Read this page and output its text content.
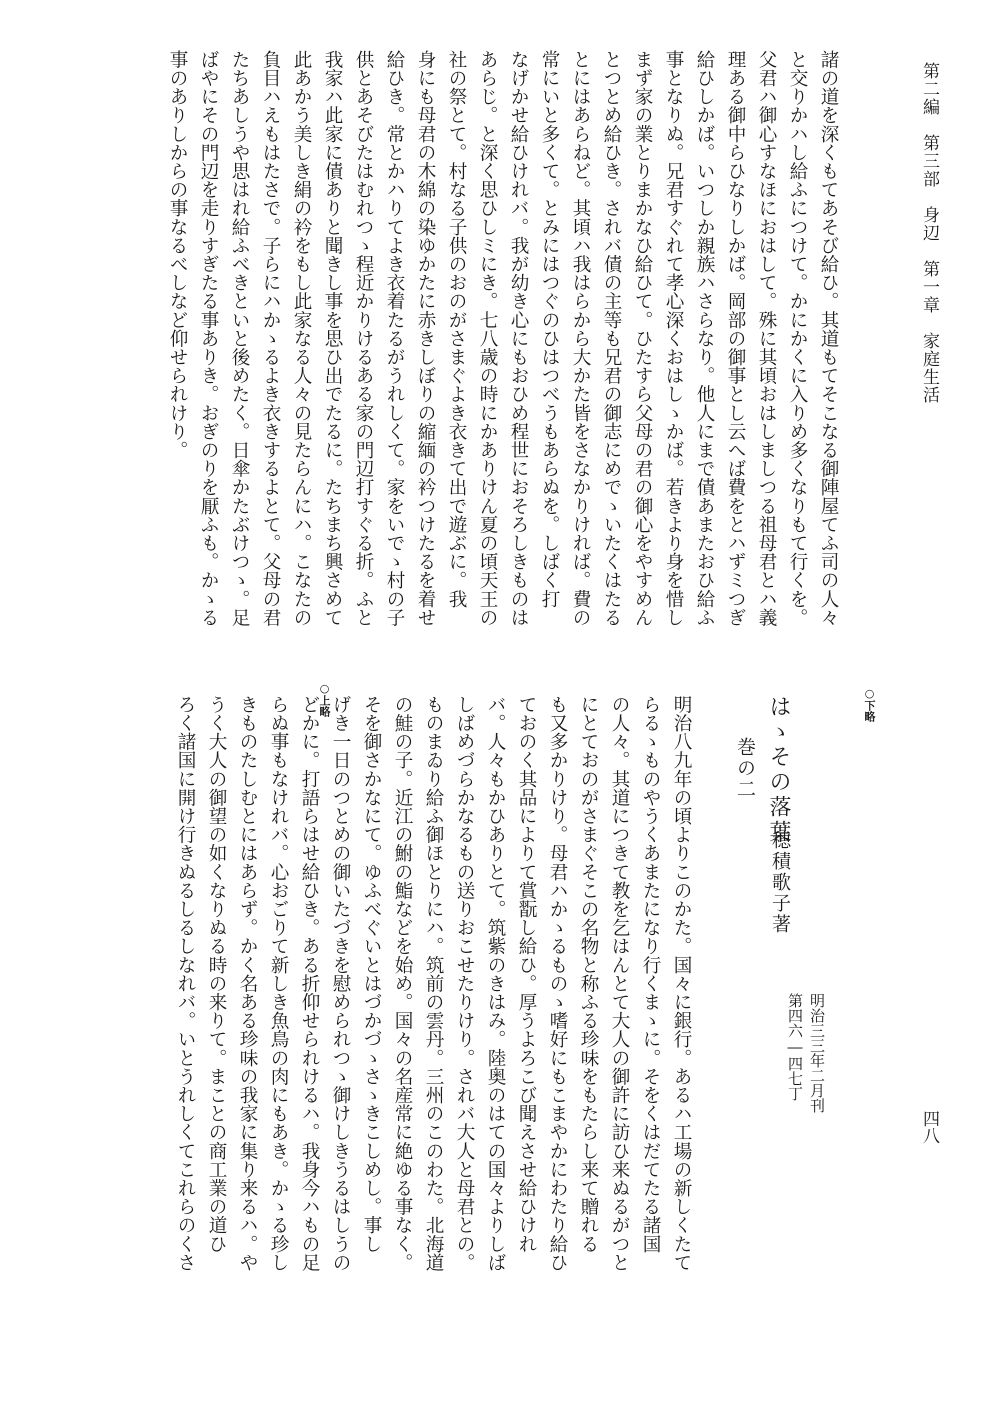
第二編　第三部　身辺　第一章　家庭生活
四八
諸の道を深くもてあそび給ひ。其道もてそこなる御陣屋てふ司の人々
と交りかハし給ふにつけて。かにかくに入りめ多くなりもて行くを。
父君ハ御心すなほにおはして。殊に其頃おはしましつる祖母君とハ義
理ある御中らひなりしかば。岡部の御事とし云へば費をとハずミつぎ
給ひしかば。いつしか親族ハさらなり。他人にまで債あまたおひ給ふ
事となりぬ。兄君すぐれて孝心深くおはしゝかば。若きより身を惜し
まず家の業とりまかなひ給ひて。ひたすら父母の君の御心をやすめん
とつとめ給ひき。されバ債の主等も兄君の御志にめでゝいたくはたる
とにはあらねど。其頃ハ我はらから大かた皆をさなかりければ。費の
常にいと多くて。とみにはつぐのひはつべうもあらぬを。しばく打
なげかせ給ひけれバ。我が幼き心にもおひめ程世におそろしきものは
あらじ。と深く思ひしミにき。七八歳の時にかありけん夏の頃天王の
社の祭とて。村なる子供のおのがさまぐよき衣きて出で遊ぶに。我
身にも母君の木綿の染ゆかたに赤きしぼりの縮緬の衿つけたるを着せ
給ひき。常とかハりてよき衣着たるがうれしくて。家をいでゝ村の子
供とあそびたはむれつゝ程近かりけるある家の門辺打すぐる折。ふと
我家ハ此家に債ありと聞きし事を思ひ出でたるに。たちまち興さめて
此あかう美しき絹の衿をもし此家なる人々の見たらんにハ。こなたの
負目ハえもはたさで。子らにハかゝるよき衣きするよとて。父母の君
たちあしうや思はれ給ふべきといと後めたく。日傘かたぶけつゝ。足
ばやにその門辺を走りすぎたる事ありき。おぎのりを厭ふも。かゝる
事のありしからの事なるべしなど仰せられけり。
○下略
はゝその落葉
穂積歌子著
第四六―四七丁 明治三三年二月刊
巻の二
○上略	明治八九年の頃よりこのかた。国々に銀行。あるハ工場の新しくたて
らるゝものやうくあまたになり行くまゝに。そをくはだてたる諸国
の人々。其道につきて教を乞はんとて大人の御許に訪ひ来ぬるがつと
にとておのがさまぐそこの名物と称ふる珍味をもたらし来て贈れる
も又多かりけり。母君ハかゝるものゝ嗜好にもこまやかにわたり給ひ
ておのく其品によりて賞翫し給ひ。厚うよろこび聞えさせ給ひけれ
バ。人々もかひありとて。筑紫のきはみ。陸奥のはての国々よりしば
しばめづらかなるもの送りおこせたりけり。されバ大人と母君との。
ものまゐり給ふ御ほとりにハ。筑前の雲丹。三州のこのわた。北海道
の鮭の子。近江の鮒の鮨などを始め。国々の名産常に絶ゆる事なく。
そを御さかなにて。ゆふべぐいとはづかづゝさゝきこしめし。事し
げき一日のつとめの御いたづきを慰められつゝ御けしきうるはしうの
どかに。打語らはせ給ひき。ある折仰せられけるハ。我身今ハもの足
らぬ事もなけれバ。心おごりて新しき魚鳥の肉にもあき。かゝる珍し
きものたしむとにはあらず。かく名ある珍味の我家に集り来るハ。や
うく大人の御望の如くなりぬる時の来りて。まことの商工業の道ひ
ろく諸国に開け行きぬるしるしなれバ。いとうれしくてこれらのくさ
